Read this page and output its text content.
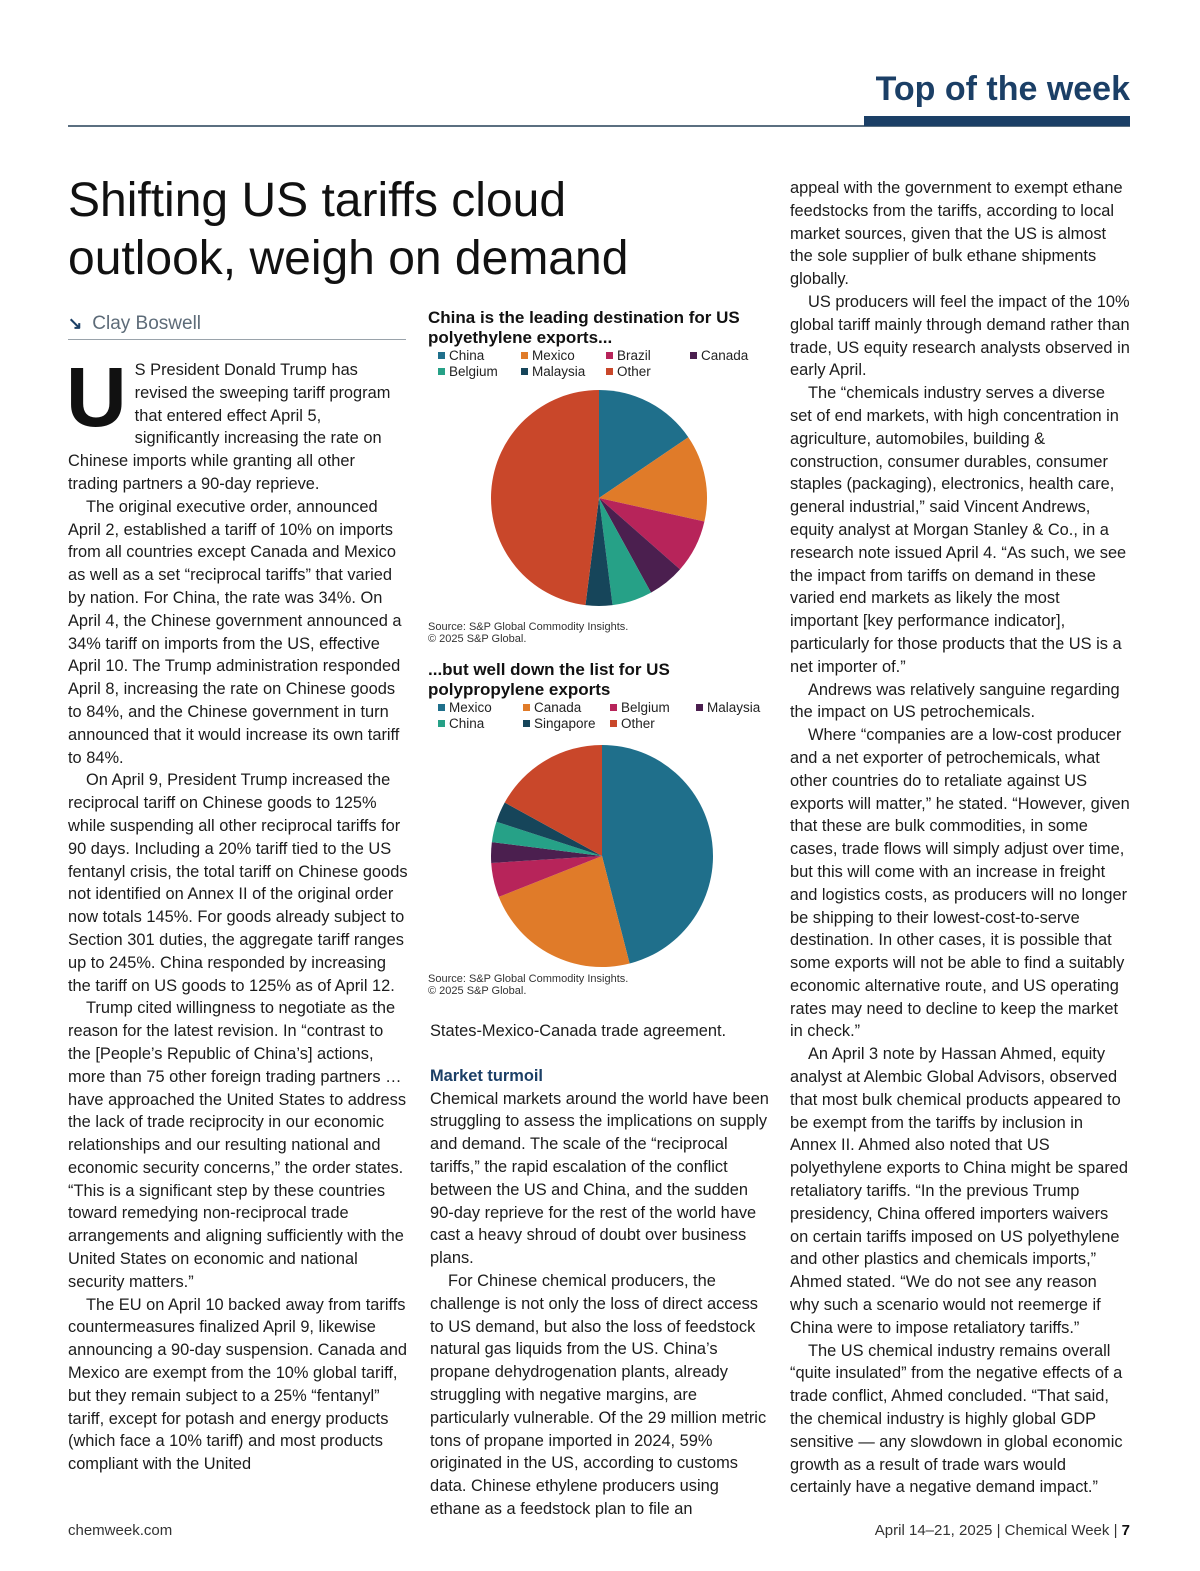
Top of the week
Shifting US tariffs cloud outlook, weigh on demand
↘ Clay Boswell

U S President Donald Trump has revised the sweeping tariff program that entered effect April 5, significantly increasing the rate on Chinese imports while granting all other trading partners a 90-day reprieve.

The original executive order, announced April 2, established a tariff of 10% on imports from all countries except Canada and Mexico as well as a set “reciprocal tariffs” that varied by nation. For China, the rate was 34%. On April 4, the Chinese government announced a 34% tariff on imports from the US, effective April 10. The Trump administration responded April 8, increasing the rate on Chinese goods to 84%, and the Chinese government in turn announced that it would increase its own tariff to 84%.

On April 9, President Trump increased the reciprocal tariff on Chinese goods to 125% while suspending all other reciprocal tariffs for 90 days. Including a 20% tariff tied to the US fentanyl crisis, the total tariff on Chinese goods not identified on Annex II of the original order now totals 145%. For goods already subject to Section 301 duties, the aggregate tariff ranges up to 245%. China responded by increasing the tariff on US goods to 125% as of April 12.

Trump cited willingness to negotiate as the reason for the latest revision. In “contrast to the [People’s Republic of China’s] actions, more than 75 other foreign trading partners … have approached the United States to address the lack of trade reciprocity in our economic relationships and our resulting national and economic security concerns,” the order states. “This is a significant step by these countries toward remedying non-reciprocal trade arrangements and aligning sufficiently with the United States on economic and national security matters.”

The EU on April 10 backed away from tariffs countermeasures finalized April 9, likewise announcing a 90-day suspension. Canada and Mexico are exempt from the 10% global tariff, but they remain subject to a 25% “fentanyl” tariff, except for potash and energy products (which face a 10% tariff) and most products compliant with the United

China is the leading destination for US polyethylene exports...
China	Mexico	Brazil	Canada
Belgium	Malaysia	Other
Source: S&P Global Commodity Insights.
© 2025 S&P Global.
...but well down the list for US polypropylene exports
Mexico	Canada	Belgium	Malaysia
China	Singapore	Other
Source: S&P Global Commodity Insights.
© 2025 S&P Global.

States-Mexico-Canada trade agreement.

Market turmoil

Chemical markets around the world have been struggling to assess the implications on supply and demand. The scale of the “reciprocal tariffs,” the rapid escalation of the conflict between the US and China, and the sudden 90-day reprieve for the rest of the world have cast a heavy shroud of doubt over business plans.

For Chinese chemical producers, the challenge is not only the loss of direct access to US demand, but also the loss of feedstock natural gas liquids from the US. China’s propane dehydrogenation plants, already struggling with negative margins, are particularly vulnerable. Of the 29 million metric tons of propane imported in 2024, 59% originated in the US, according to customs data. Chinese ethylene producers using ethane as a feedstock plan to file an

appeal with the government to exempt ethane feedstocks from the tariffs, according to local market sources, given that the US is almost the sole supplier of bulk ethane shipments globally.

US producers will feel the impact of the 10% global tariff mainly through demand rather than trade, US equity research analysts observed in early April.

The “chemicals industry serves a diverse set of end markets, with high concentration in agriculture, automobiles, building & construction, consumer durables, consumer staples (packaging), electronics, health care, general industrial,” said Vincent Andrews, equity analyst at Morgan Stanley & Co., in a research note issued April 4. “As such, we see the impact from tariffs on demand in these varied end markets as likely the most important [key performance indicator], particularly for those products that the US is a net importer of.”

Andrews was relatively sanguine regarding the impact on US petrochemicals.

Where “companies are a low-cost producer and a net exporter of petrochemicals, what other countries do to retaliate against US exports will matter,” he stated. “However, given that these are bulk commodities, in some cases, trade flows will simply adjust over time, but this will come with an increase in freight and logistics costs, as producers will no longer be shipping to their lowest-cost-to-serve destination. In other cases, it is possible that some exports will not be able to find a suitably economic alternative route, and US operating rates may need to decline to keep the market in check.”

An April 3 note by Hassan Ahmed, equity analyst at Alembic Global Advisors, observed that most bulk chemical products appeared to be exempt from the tariffs by inclusion in Annex II. Ahmed also noted that US polyethylene exports to China might be spared retaliatory tariffs. “In the previous Trump presidency, China offered importers waivers on certain tariffs imposed on US polyethylene and other plastics and chemicals imports,” Ahmed stated. “We do not see any reason why such a scenario would not reemerge if China were to impose retaliatory tariffs.”

The US chemical industry remains overall “quite insulated” from the negative effects of a trade conflict, Ahmed concluded. “That said, the chemical industry is highly global GDP sensitive — any slowdown in global economic growth as a result of trade wars would certainly have a negative demand impact.”

chemweek.com	April 14–21, 2025 | Chemical Week | 7
